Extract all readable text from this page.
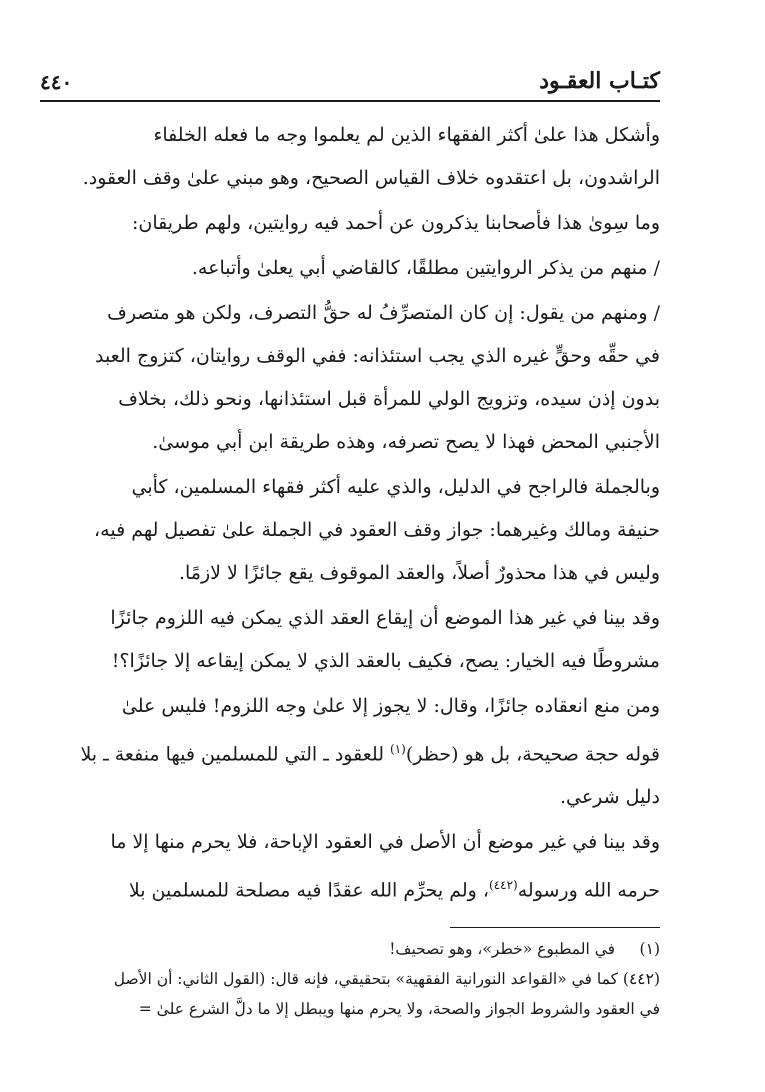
كتـاب العقـود
٤٤٠

وأشكل هذا علىٰ أكثر الفقهاء الذين لم يعلموا وجه ما فعله الخلفاء
الراشدون، بل اعتقدوه خلاف القياس الصحيح، وهو مبني علىٰ وقف العقود.

وما سِوىٰ هذا فأصحابنا يذكرون عن أحمد فيه روايتين، ولهم طريقان:

/ منهم من يذكر الروايتين مطلقًا، كالقاضي أبي يعلىٰ وأتباعه.

/ ومنهم من يقول: إن كان المتصرِّفُ له حقُّ التصرف، ولكن هو متصرف
في حقِّه وحقٍّ غيره الذي يجب استئذانه: ففي الوقف روايتان، كتزوج العبد
بدون إذن سيده، وتزويج الولي للمرأة قبل استئذانها، ونحو ذلك، بخلاف
الأجنبي المحض فهذا لا يصح تصرفه، وهذه طريقة ابن أبي موسىٰ.

وبالجملة فالراجح في الدليل، والذي عليه أكثر فقهاء المسلمين، كأبي
حنيفة ومالك وغيرهما: جواز وقف العقود في الجملة علىٰ تفصيل لهم فيه،
وليس في هذا محذورٌ أصلاً، والعقد الموقوف يقع جائزًا لا لازمًا.

وقد بينا في غير هذا الموضع أن إيقاع العقد الذي يمكن فيه اللزوم جائزًا
مشروطًا فيه الخيار: يصح، فكيف بالعقد الذي لا يمكن إيقاعه إلا جائزًا؟!

ومن منع انعقاده جائزًا، وقال: لا يجوز إلا علىٰ وجه اللزوم! فليس علىٰ
قوله حجة صحيحة، بل هو (حظر)$^{(١)}$ للعقود ـ التي للمسلمين فيها منفعة ـ بلا
دليل شرعي.

وقد بينا في غير موضع أن الأصل في العقود الإباحة، فلا يحرم منها إلا ما
حرمه الله ورسوله$^{(٤٤٢)}$، ولم يحرِّم الله عقدًا فيه مصلحة للمسلمين بلا

(١) في المطبوع «خطر»، وهو تصحيف!

(٤٤٢) كما في «القواعد النورانية الفقهية» بتحقيقي، فإنه قال: (القول الثاني: أن الأصل
في العقود والشروط الجواز والصحة، ولا يحرم منها ويبطل إلا ما دلَّ الشرع علىٰ =
